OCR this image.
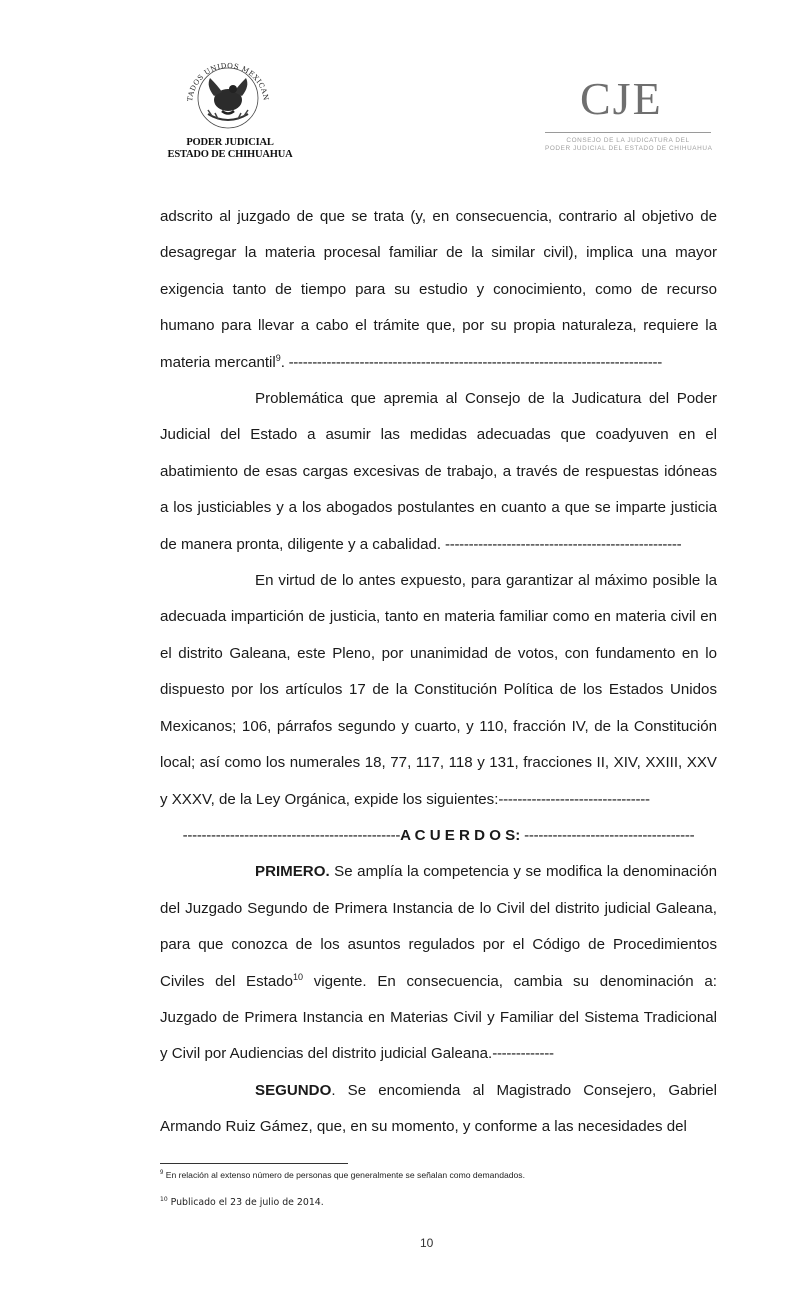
TADOS UNIDOS MEXICAN
PODER JUDICIAL
ESTADO DE CHIHUAHUA
CJE
CONSEJO DE LA JUDICATURA DEL
PODER JUDICIAL DEL ESTADO DE CHIHUAHUA

adscrito al juzgado de que se trata (y, en consecuencia, contrario al objetivo de desagregar la materia procesal familiar de la similar civil), implica una mayor exigencia tanto de tiempo para su estudio y conocimiento, como de recurso humano para llevar a cabo el trámite que, por su propia naturaleza, requiere la materia mercantil$^9$. -------------------------------------------------------------------------------

Problemática que apremia al Consejo de la Judicatura del Poder Judicial del Estado a asumir las medidas adecuadas que coadyuven en el abatimiento de esas cargas excesivas de trabajo, a través de respuestas idóneas a los justiciables y a los abogados postulantes en cuanto a que se imparte justicia de manera pronta, diligente y a cabalidad. --------------------------------------------------

En virtud de lo antes expuesto, para garantizar al máximo posible la adecuada impartición de justicia, tanto en materia familiar como en materia civil en el distrito Galeana, este Pleno, por unanimidad de votos, con fundamento en lo dispuesto por los artículos 17 de la Constitución Política de los Estados Unidos Mexicanos; 106, párrafos segundo y cuarto, y 110, fracción IV, de la Constitución local; así como los numerales 18, 77, 117, 118 y 131, fracciones II, XIV, XXIII, XXV y XXXV, de la Ley Orgánica, expide los siguientes:--------------------------------

----------------------------------------------A C U E R D O S: ------------------------------------

PRIMERO. Se amplía la competencia y se modifica la denominación del Juzgado Segundo de Primera Instancia de lo Civil del distrito judicial Galeana, para que conozca de los asuntos regulados por el Código de Procedimientos Civiles del Estado$^{10}$ vigente. En consecuencia, cambia su denominación a: Juzgado de Primera Instancia en Materias Civil y Familiar del Sistema Tradicional y Civil por Audiencias del distrito judicial Galeana.-------------

SEGUNDO. Se encomienda al Magistrado Consejero, Gabriel Armando Ruiz Gámez, que, en su momento, y conforme a las necesidades del

$^9$ En relación al extenso número de personas que generalmente se señalan como demandados.
$^{10}$ Publicado el 23 de julio de 2014.
10
